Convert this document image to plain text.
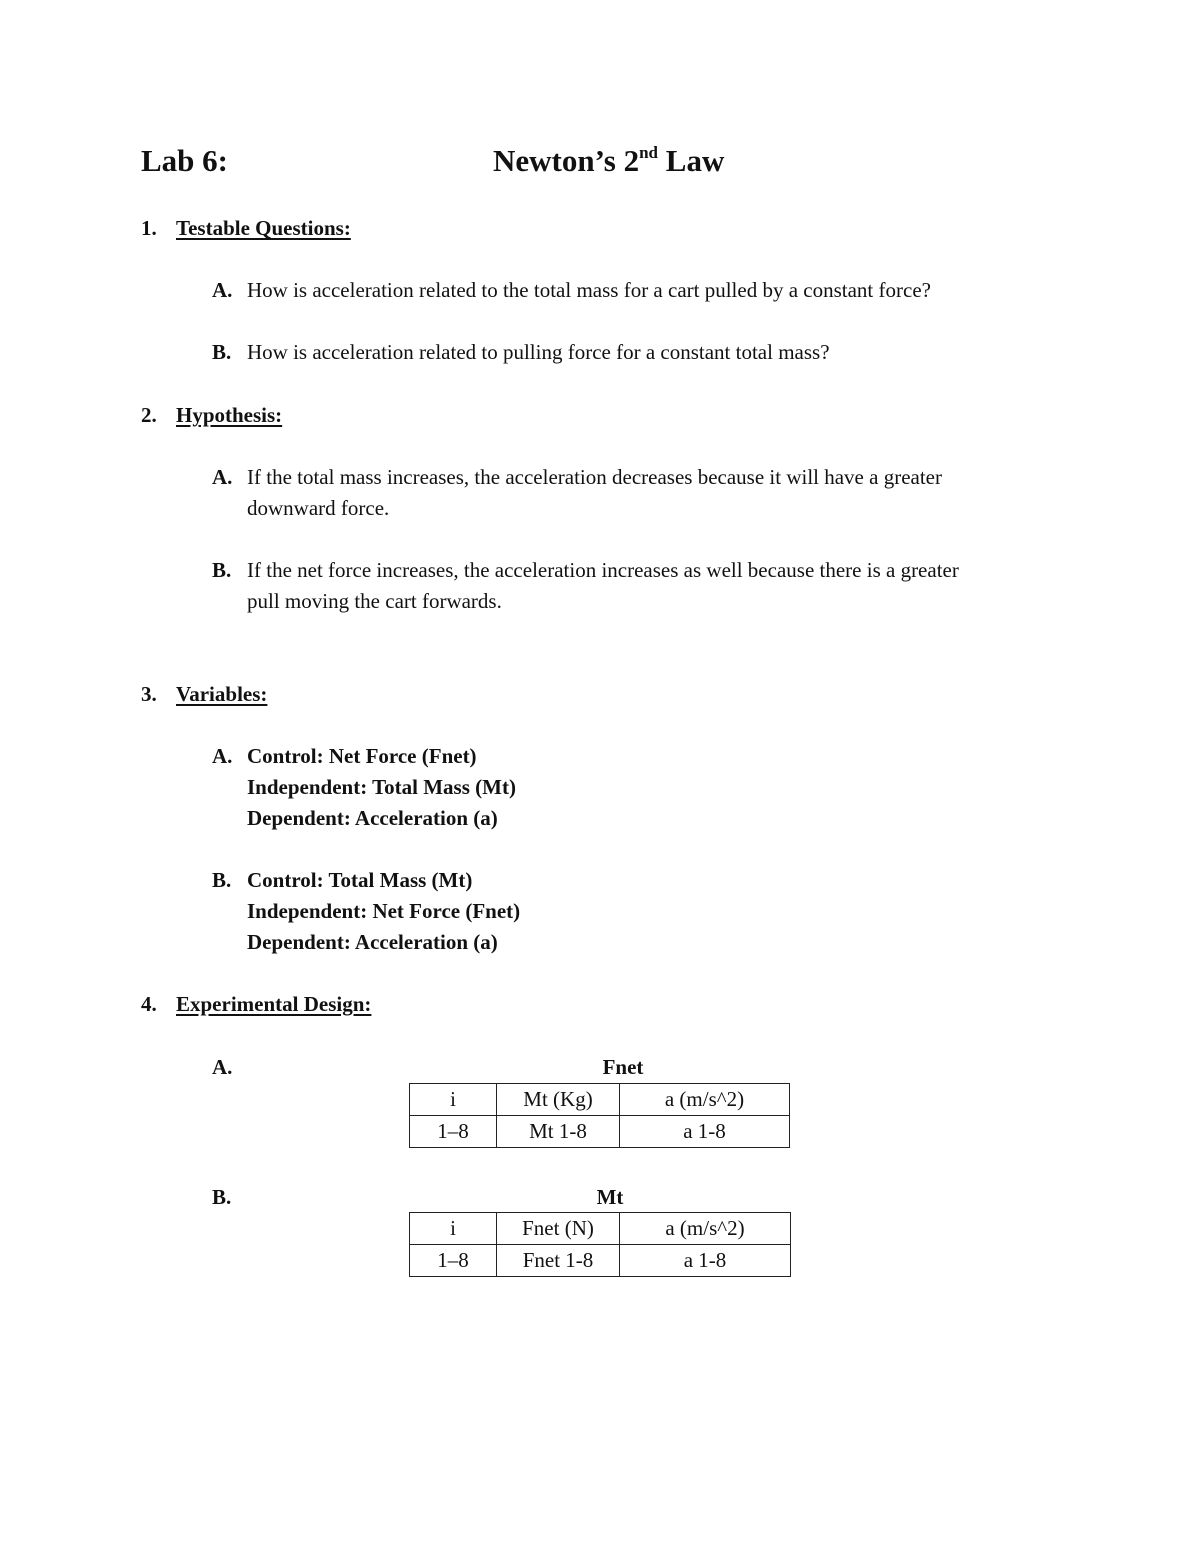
Lab 6:	Newton’s 2nd Law
1. Testable Questions:
A. How is acceleration related to the total mass for a cart pulled by a constant force?
B. How is acceleration related to pulling force for a constant total mass?
2. Hypothesis:
A. If the total mass increases, the acceleration decreases because it will have a greater
downward force.
B. If the net force increases, the acceleration increases as well because there is a greater
pull moving the cart forwards.
3. Variables:
A. Control: Net Force (Fnet)
Independent: Total Mass (Mt)
Dependent: Acceleration (a)
B. Control: Total Mass (Mt)
Independent: Net Force (Fnet)
Dependent: Acceleration (a)
4. Experimental Design:
A.	Fnet
i	Mt (Kg)	a (m/s^2)
1–8	Mt 1-8	a 1-8
B.	Mt
i	Fnet (N)	a (m/s^2)
1–8	Fnet 1-8	a 1-8
